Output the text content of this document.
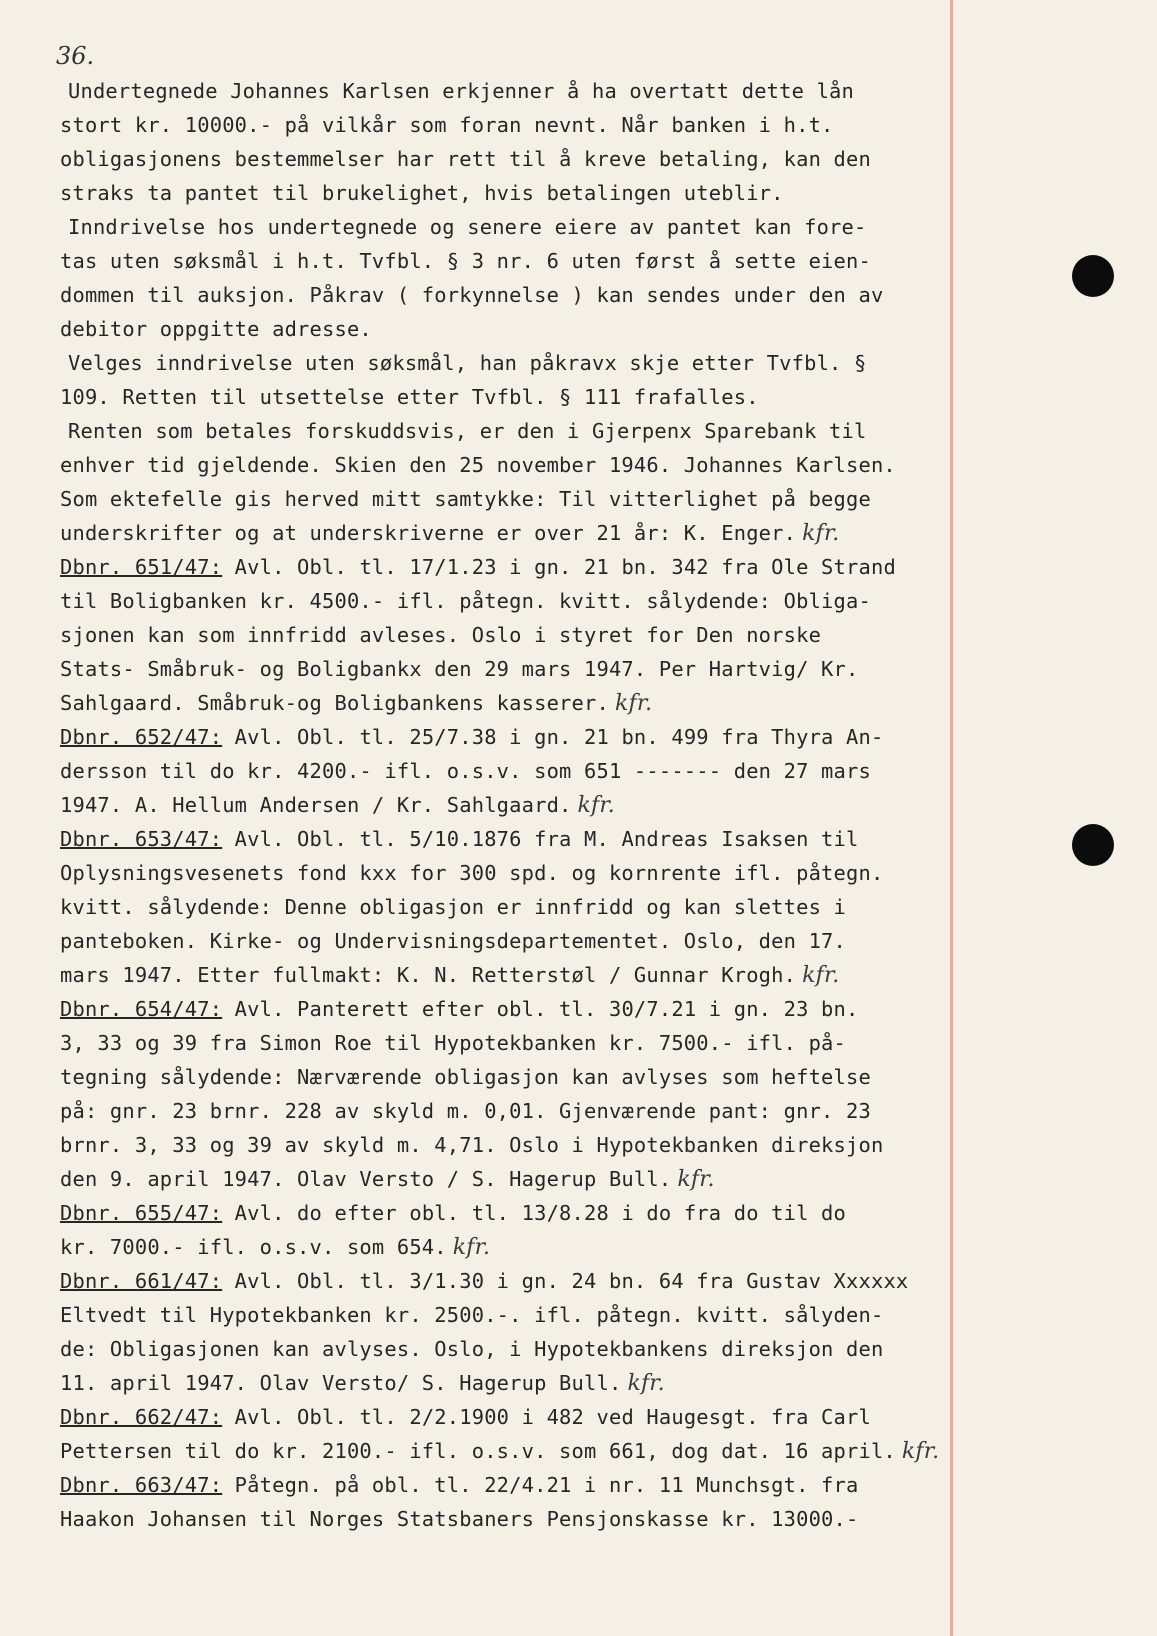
36.
Undertegnede Johannes Karlsen erkjenner å ha overtatt dette lån
stort kr. 10000.- på vilkår som foran nevnt. Når banken i h.t.
obligasjonens bestemmelser har rett til å kreve betaling, kan den
straks ta pantet til brukelighet, hvis betalingen uteblir.
Inndrivelse hos undertegnede og senere eiere av pantet kan fore-
tas uten søksmål i h.t. Tvfbl. § 3 nr. 6 uten først å sette eien-
dommen til auksjon. Påkrav ( forkynnelse ) kan sendes under den av
debitor oppgitte adresse.
Velges inndrivelse uten søksmål, han påkravx skje etter Tvfbl. §
109. Retten til utsettelse etter Tvfbl. § 111 frafalles.
Renten som betales forskuddsvis, er den i Gjerpenx Sparebank til
enhver tid gjeldende. Skien den 25 november 1946. Johannes Karlsen.
Som ektefelle gis herved mitt samtykke: Til vitterlighet på begge
underskrifter og at underskriverne er over 21 år: K. Enger. kfr.
Dbnr. 651/47: Avl. Obl. tl. 17/1.23 i gn. 21 bn. 342 fra Ole Strand
til Boligbanken kr. 4500.- ifl. påtegn. kvitt. sålydende: Obliga-
sjonen kan som innfridd avleses. Oslo i styret for Den norske
Stats- Småbruk- og Boligbankx den 29 mars 1947. Per Hartvig/ Kr.
Sahlgaard. Småbruk-og Boligbankens kasserer. kfr.
Dbnr. 652/47: Avl. Obl. tl. 25/7.38 i gn. 21 bn. 499 fra Thyra An-
dersson til do kr. 4200.- ifl. o.s.v. som 651 ------- den 27 mars
1947. A. Hellum Andersen / Kr. Sahlgaard. kfr.
Dbnr. 653/47: Avl. Obl. tl. 5/10.1876 fra M. Andreas Isaksen til
Oplysningsvesenets fond kxx for 300 spd. og kornrente ifl. påtegn.
kvitt. sålydende: Denne obligasjon er innfridd og kan slettes i
panteboken. Kirke- og Undervisningsdepartementet. Oslo, den 17.
mars 1947. Etter fullmakt: K. N. Retterstøl / Gunnar Krogh. kfr.
Dbnr. 654/47: Avl. Panterett efter obl. tl. 30/7.21 i gn. 23 bn.
3, 33 og 39 fra Simon Roe til Hypotekbanken kr. 7500.- ifl. på-
tegning sålydende: Nærværende obligasjon kan avlyses som heftelse
på: gnr. 23 brnr. 228 av skyld m. 0,01. Gjenværende pant: gnr. 23
brnr. 3, 33 og 39 av skyld m. 4,71. Oslo i Hypotekbanken direksjon
den 9. april 1947. Olav Versto / S. Hagerup Bull. kfr.
Dbnr. 655/47: Avl. do efter obl. tl. 13/8.28 i do fra do til do
kr. 7000.- ifl. o.s.v. som 654. kfr.
Dbnr. 661/47: Avl. Obl. tl. 3/1.30 i gn. 24 bn. 64 fra Gustav Xxxxxx
Eltvedt til Hypotekbanken kr. 2500.-. ifl. påtegn. kvitt. sålyden-
de: Obligasjonen kan avlyses. Oslo, i Hypotekbankens direksjon den
11. april 1947. Olav Versto/ S. Hagerup Bull. kfr.
Dbnr. 662/47: Avl. Obl. tl. 2/2.1900 i 482 ved Haugesgt. fra Carl
Pettersen til do kr. 2100.- ifl. o.s.v. som 661, dog dat. 16 april. kfr.
Dbnr. 663/47: Påtegn. på obl. tl. 22/4.21 i nr. 11 Munchsgt. fra
Haakon Johansen til Norges Statsbaners Pensjonskasse kr. 13000.-
